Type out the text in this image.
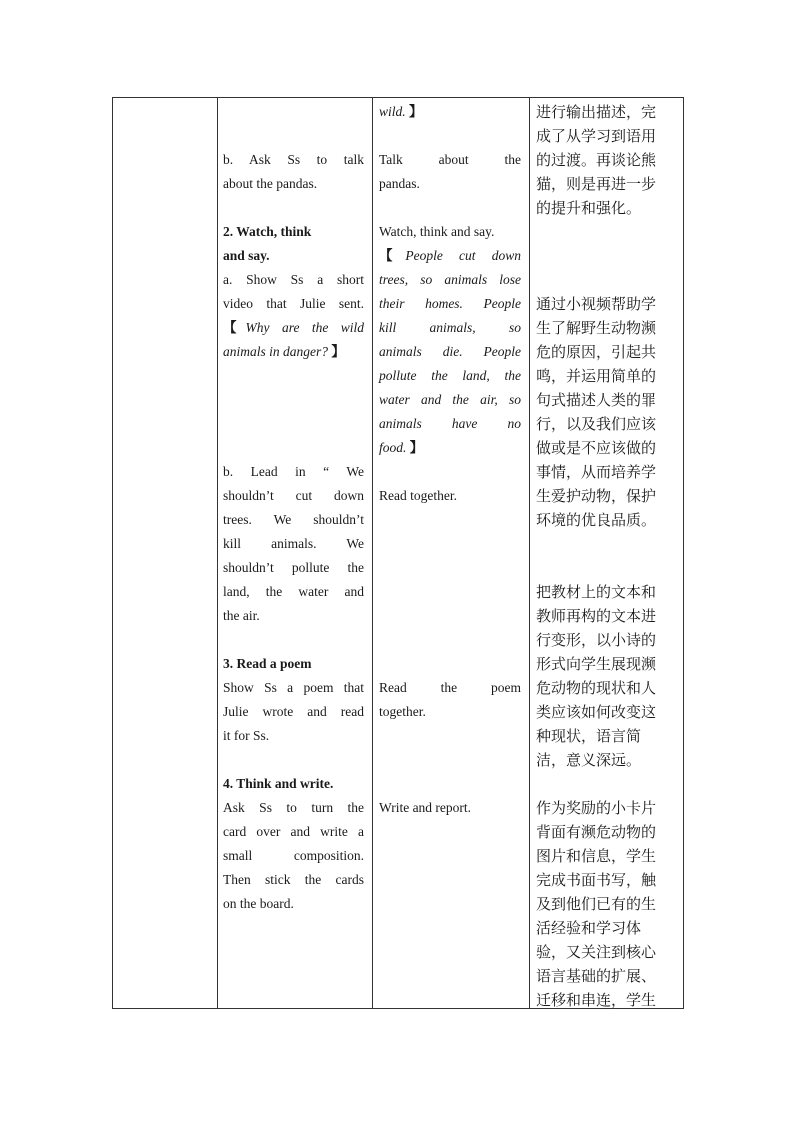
b. Ask Ss to talk

about the pandas.

2. Watch, think

and say.

a. Show Ss a short

video that Julie sent.

【Why are the wild

animals in danger? 】

b. Lead in “ We

shouldn’t cut down

trees. We shouldn’t

kill animals. We

shouldn’t pollute the

land, the water and

the air.

3. Read a poem

Show Ss a poem that

Julie wrote and read

it for Ss.

4. Think and write.

Ask Ss to turn the

card over and write a

small composition.

Then stick the cards

on the board.

wild. 】

Talk about the

pandas.

Watch, think and say.

【People cut down

trees, so animals lose

their homes. People

kill animals, so

animals die. People

pollute the land, the

water and the air, so

animals have no

food. 】

Read together.

Read the poem

together.

Write and report.

进行输出描述，完

成了从学习到语用

的过渡。再谈论熊

猫，则是再进一步

的提升和强化。

通过小视频帮助学

生了解野生动物濒

危的原因，引起共

鸣，并运用简单的

句式描述人类的罪

行，以及我们应该

做或是不应该做的

事情，从而培养学

生爱护动物，保护

环境的优良品质。

把教材上的文本和

教师再构的文本进

行变形，以小诗的

形式向学生展现濒

危动物的现状和人

类应该如何改变这

种现状，语言简

洁，意义深远。

作为奖励的小卡片

背面有濒危动物的

图片和信息，学生

完成书面书写，触

及到他们已有的生

活经验和学习体

验，又关注到核心

语言基础的扩展、

迁移和串连，学生
